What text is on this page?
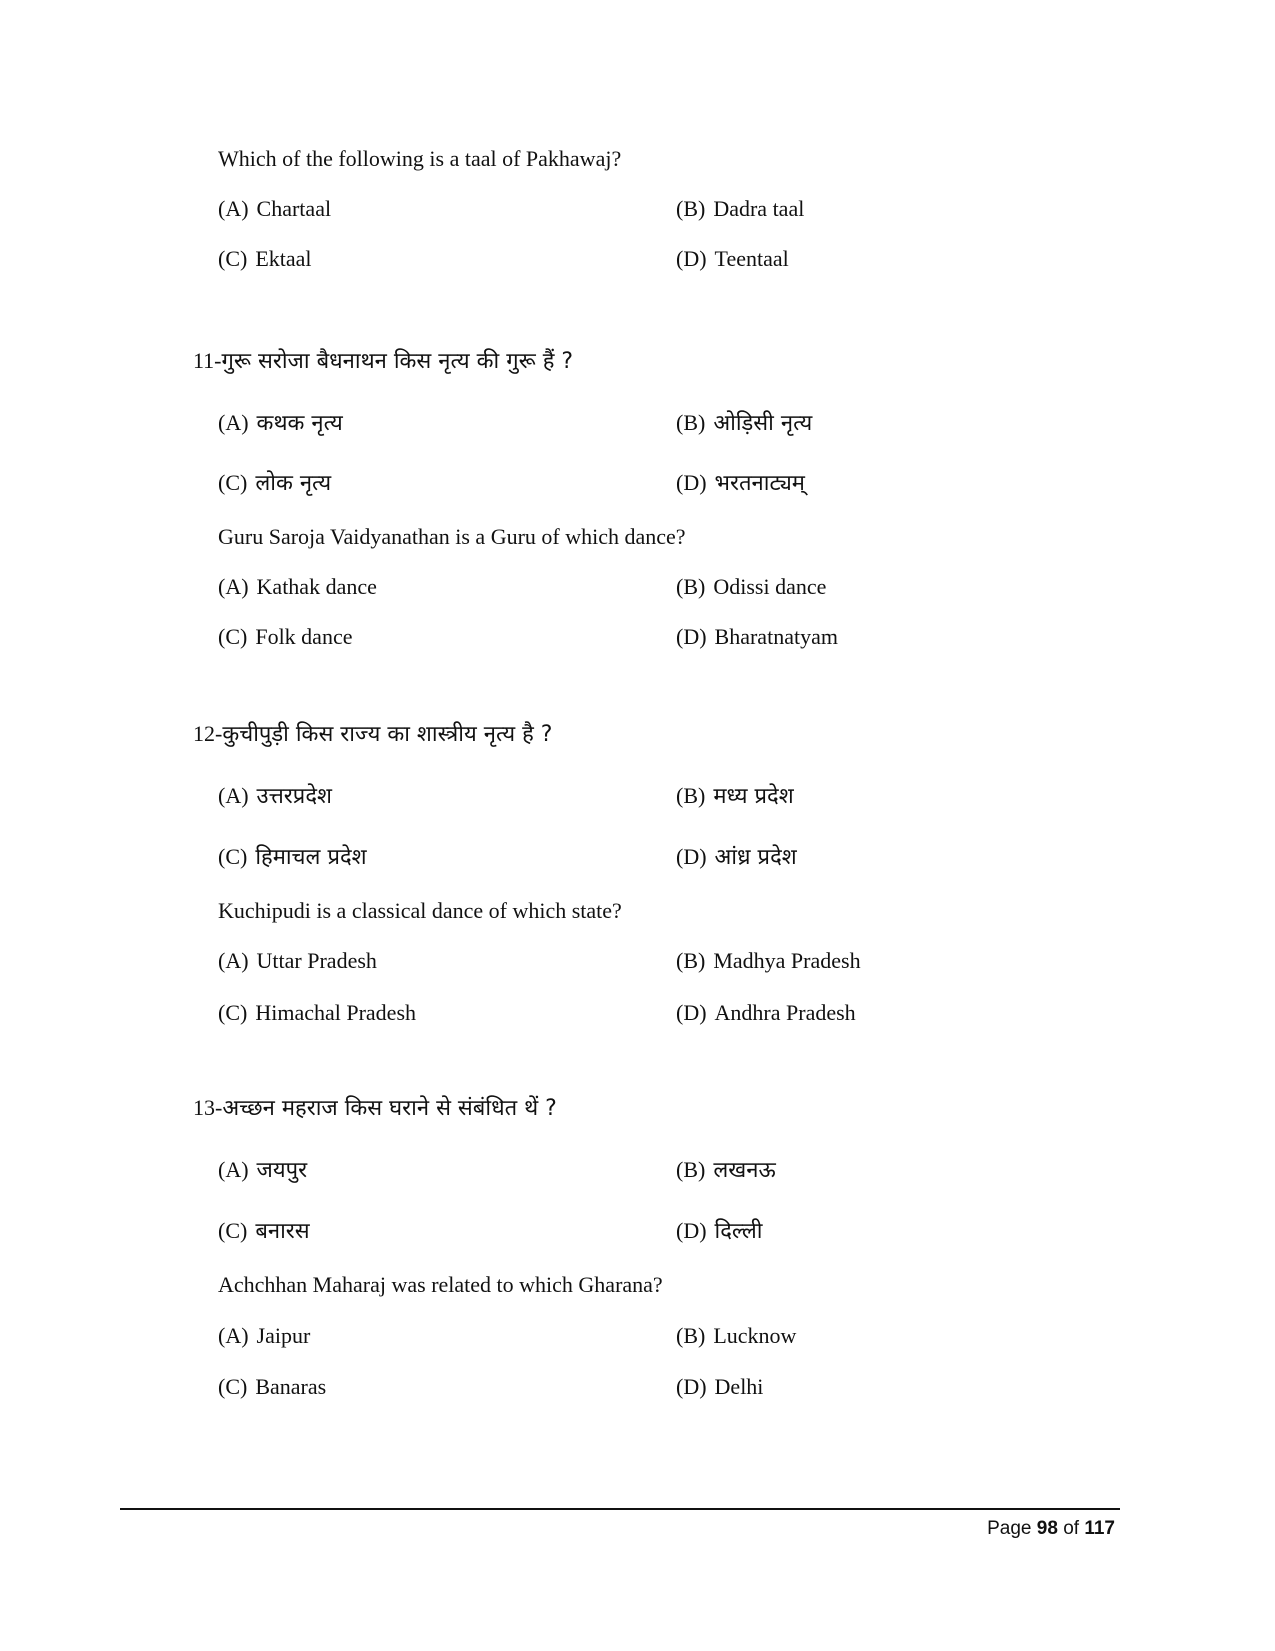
Which of the following is a taal of Pakhawaj?
(A) Chartaal	(B) Dadra taal
(C) Ektaal	(D) Teentaal
11-गुरू सरोजा बैधनाथन किस नृत्य की गुरू हैं ?
(A) कथक नृत्य	(B) ओड़िसी नृत्य
(C) लोक नृत्य	(D) भरतनाट्यम्
Guru Saroja Vaidyanathan is a Guru of which dance?
(A) Kathak dance	(B) Odissi dance
(C) Folk dance	(D) Bharatnatyam
12-कुचीपुड़ी किस राज्य का शास्त्रीय नृत्य है ?
(A) उत्तरप्रदेश	(B) मध्य प्रदेश
(C) हिमाचल प्रदेश	(D) आंध्र प्रदेश
Kuchipudi is a classical dance of which state?
(A) Uttar Pradesh	(B) Madhya Pradesh
(C) Himachal Pradesh	(D) Andhra Pradesh
13-अच्छन महराज किस घराने से संबंधित थें ?
(A) जयपुर	(B) लखनऊ
(C) बनारस	(D) दिल्ली
Achchhan Maharaj was related to which Gharana?
(A) Jaipur	(B) Lucknow
(C) Banaras	(D) Delhi
Page 98 of 117
